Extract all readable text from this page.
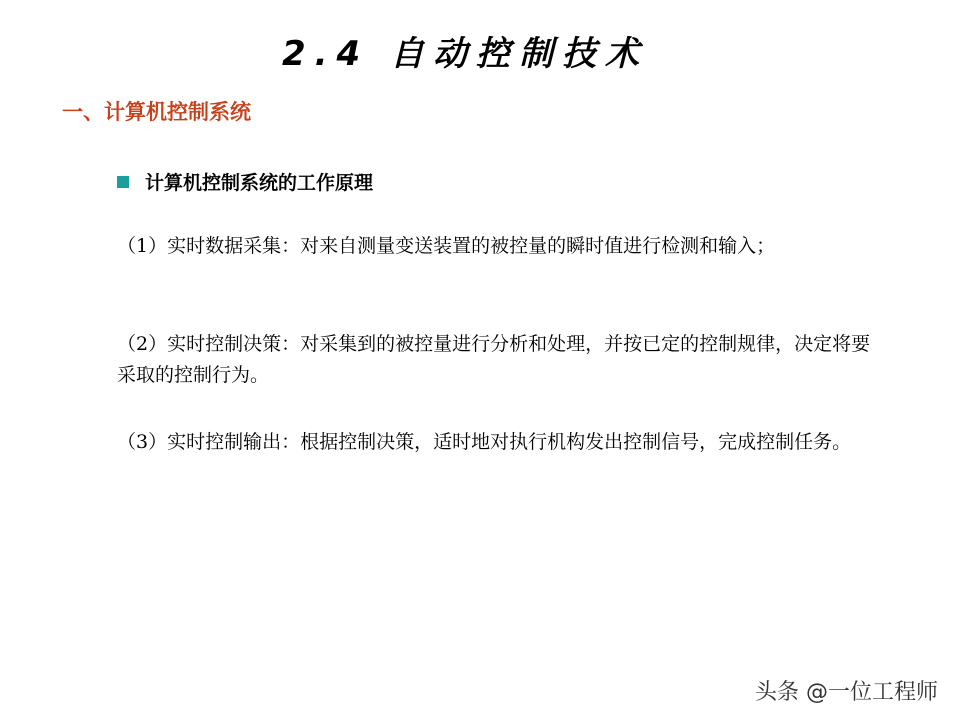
2.4 自动控制技术
一、计算机控制系统
计算机控制系统的工作原理
（1）实时数据采集：对来自测量变送装置的被控量的瞬时值进行检测和输入；
（2）实时控制决策：对采集到的被控量进行分析和处理，并按已定的控制规律，决定将要采取的控制行为。
（3）实时控制输出：根据控制决策，适时地对执行机构发出控制信号，完成控制任务。
头条 @一位工程师
